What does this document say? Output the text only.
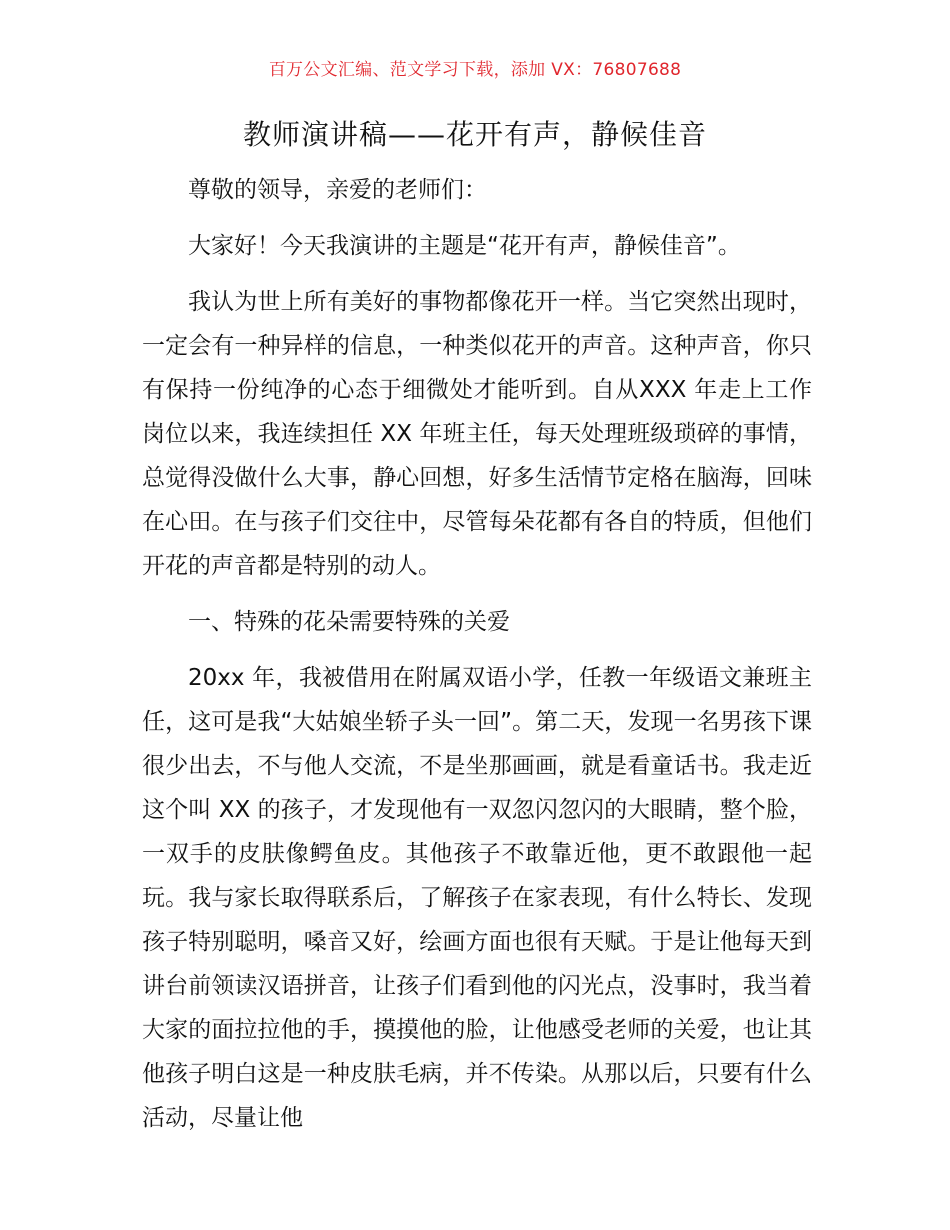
百万公文汇编、范文学习下载，添加 VX：76807688
教师演讲稿——花开有声，静候佳音

尊敬的领导，亲爱的老师们：

大家好！今天我演讲的主题是“花开有声，静候佳音”。

我认为世上所有美好的事物都像花开一样。当它突然出现时，一定会有一种异样的信息，一种类似花开的声音。这种声音，你只有保持一份纯净的心态于细微处才能听到。自从XXX 年走上工作岗位以来，我连续担任 XX 年班主任，每天处理班级琐碎的事情，总觉得没做什么大事，静心回想，好多生活情节定格在脑海，回味在心田。在与孩子们交往中，尽管每朵花都有各自的特质，但他们开花的声音都是特别的动人。

一、特殊的花朵需要特殊的关爱

20xx 年，我被借用在附属双语小学，任教一年级语文兼班主任，这可是我“大姑娘坐轿子头一回”。第二天，发现一名男孩下课很少出去，不与他人交流，不是坐那画画，就是看童话书。我走近这个叫 XX 的孩子，才发现他有一双忽闪忽闪的大眼睛，整个脸，一双手的皮肤像鳄鱼皮。其他孩子不敢靠近他，更不敢跟他一起玩。我与家长取得联系后，了解孩子在家表现，有什么特长、发现孩子特别聪明，嗓音又好，绘画方面也很有天赋。于是让他每天到讲台前领读汉语拼音，让孩子们看到他的闪光点，没事时，我当着大家的面拉拉他的手，摸摸他的脸，让他感受老师的关爱，也让其他孩子明白这是一种皮肤毛病，并不传染。从那以后，只要有什么活动，尽量让他
